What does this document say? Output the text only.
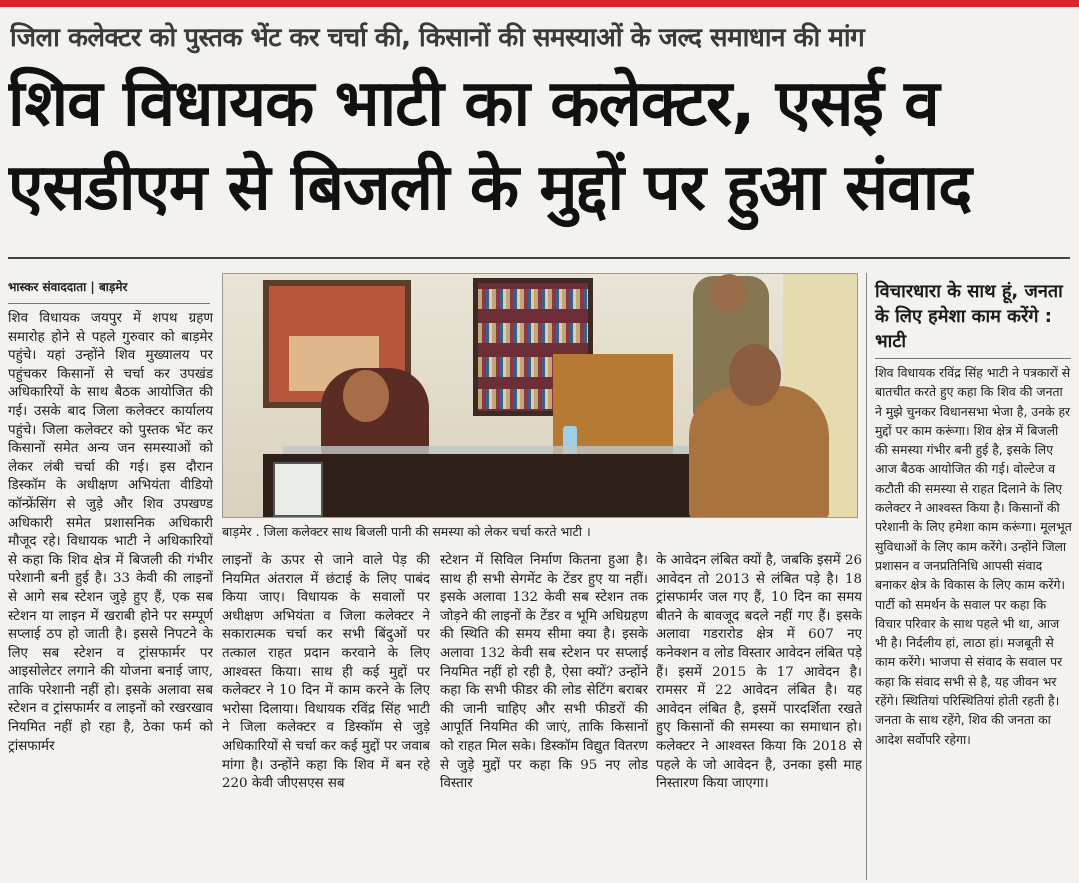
जिला कलेक्टर को पुस्तक भेंट कर चर्चा की, किसानों की समस्याओं के जल्द समाधान की मांग
शिव विधायक भाटी का कलेक्टर, एसई व
एसडीएम से बिजली के मुद्दों पर हुआ संवाद
भास्कर संवाददाता | बाड़मेर
शिव विधायक जयपुर में शपथ ग्रहण समारोह होने से पहले गुरुवार को बाड़मेर पहुंचे। यहां उन्होंने शिव मुख्यालय पर पहुंचकर किसानों से चर्चा कर उपखंड अधिकारियों के साथ बैठक आयोजित की गई। उसके बाद जिला कलेक्टर कार्यालय पहुंचे। जिला कलेक्टर को पुस्तक भेंट कर किसानों समेत अन्य जन समस्याओं को लेकर लंबी चर्चा की गई। इस दौरान डिस्कॉम के अधीक्षण अभियंता वीडियो कॉन्फ्रेंसिंग से जुड़े और शिव उपखण्ड अधिकारी समेत प्रशासनिक अधिकारी मौजूद रहे। विधायक भाटी ने अधिकारियों से कहा कि शिव क्षेत्र में बिजली की गंभीर परेशानी बनी हुई है। 33 केवी की लाइनों से आगे सब स्टेशन जुड़े हुए हैं, एक सब स्टेशन या लाइन में खराबी होने पर सम्पूर्ण सप्लाई ठप हो जाती है। इससे निपटने के लिए सब स्टेशन व ट्रांसफार्मर पर आइसोलेटर लगाने की योजना बनाई जाए, ताकि परेशानी नहीं हो। इसके अलावा सब स्टेशन व ट्रांसफार्मर व लाइनों को रखरखाव नियमित नहीं हो रहा है, ठेका फर्म को ट्रांसफार्मर
बाड़मेर . जिला कलेक्टर साथ बिजली पानी की समस्या को लेकर चर्चा करते भाटी ।
लाइनों के ऊपर से जाने वाले पेड़ की नियमित अंतराल में छंटाई के लिए पाबंद किया जाए। विधायक के सवालों पर अधीक्षण अभियंता व जिला कलेक्टर ने सकारात्मक चर्चा कर सभी बिंदुओं पर तत्काल राहत प्रदान करवाने के लिए आश्वस्त किया। साथ ही कई मुद्दों पर कलेक्टर ने 10 दिन में काम करने के लिए भरोसा दिलाया। विधायक रविंद्र सिंह भाटी ने जिला कलेक्टर व डिस्कॉम से जुड़े अधिकारियों से चर्चा कर कई मुद्दों पर जवाब मांगा है। उन्होंने कहा कि शिव में बन रहे 220 केवी जीएसएस सब
स्टेशन में सिविल निर्माण कितना हुआ है। साथ ही सभी सेगमेंट के टेंडर हुए या नहीं। इसके अलावा 132 केवी सब स्टेशन तक जोड़ने की लाइनों के टेंडर व भूमि अधिग्रहण की स्थिति की समय सीमा क्या है। इसके अलावा 132 केवी सब स्टेशन पर सप्लाई नियमित नहीं हो रही है, ऐसा क्यों? उन्होंने कहा कि सभी फीडर की लोड सेटिंग बराबर की जानी चाहिए और सभी फीडरों की आपूर्ति नियमित की जाएं, ताकि किसानों को राहत मिल सके। डिस्कॉम विद्युत वितरण से जुड़े मुद्दों पर कहा कि 95 नए लोड विस्तार
के आवेदन लंबित क्यों है, जबकि इसमें 26 आवेदन तो 2013 से लंबित पड़े है। 18 ट्रांसफार्मर जल गए हैं, 10 दिन का समय बीतने के बावजूद बदले नहीं गए हैं। इसके अलावा गडरारोड क्षेत्र में 607 नए कनेक्शन व लोड विस्तार आवेदन लंबित पड़े हैं। इसमें 2015 के 17 आवेदन है। रामसर में 22 आवेदन लंबित है। यह आवेदन लंबित है, इसमें पारदर्शिता रखते हुए किसानों की समस्या का समाधान हो। कलेक्टर ने आश्वस्त किया कि 2018 से पहले के जो आवेदन है, उनका इसी माह निस्तारण किया जाएगा।
विचारधारा के साथ हूं, जनता के लिए हमेशा काम करेंगे : भाटी
शिव विधायक रविंद्र सिंह भाटी ने पत्रकारों से बातचीत करते हुए कहा कि शिव की जनता ने मुझे चुनकर विधानसभा भेजा है, उनके हर मुद्दों पर काम करूंगा। शिव क्षेत्र में बिजली की समस्या गंभीर बनी हुई है, इसके लिए आज बैठक आयोजित की गई। वोल्टेज व कटौती की समस्या से राहत दिलाने के लिए कलेक्टर ने आश्वस्त किया है। किसानों की परेशानी के लिए हमेशा काम करूंगा। मूलभूत सुविधाओं के लिए काम करेंगे। उन्होंने जिला प्रशासन व जनप्रतिनिधि आपसी संवाद बनाकर क्षेत्र के विकास के लिए काम करेंगे। पार्टी को समर्थन के सवाल पर कहा कि विचार परिवार के साथ पहले भी था, आज भी है। निर्दलीय हां, लाठा हां। मजबूती से काम करेंगे। भाजपा से संवाद के सवाल पर कहा कि संवाद सभी से है, यह जीवन भर रहेंगे। स्थितियां परिस्थितियां होती रहती है। जनता के साथ रहेंगे, शिव की जनता का आदेश सर्वोपरि रहेगा।
